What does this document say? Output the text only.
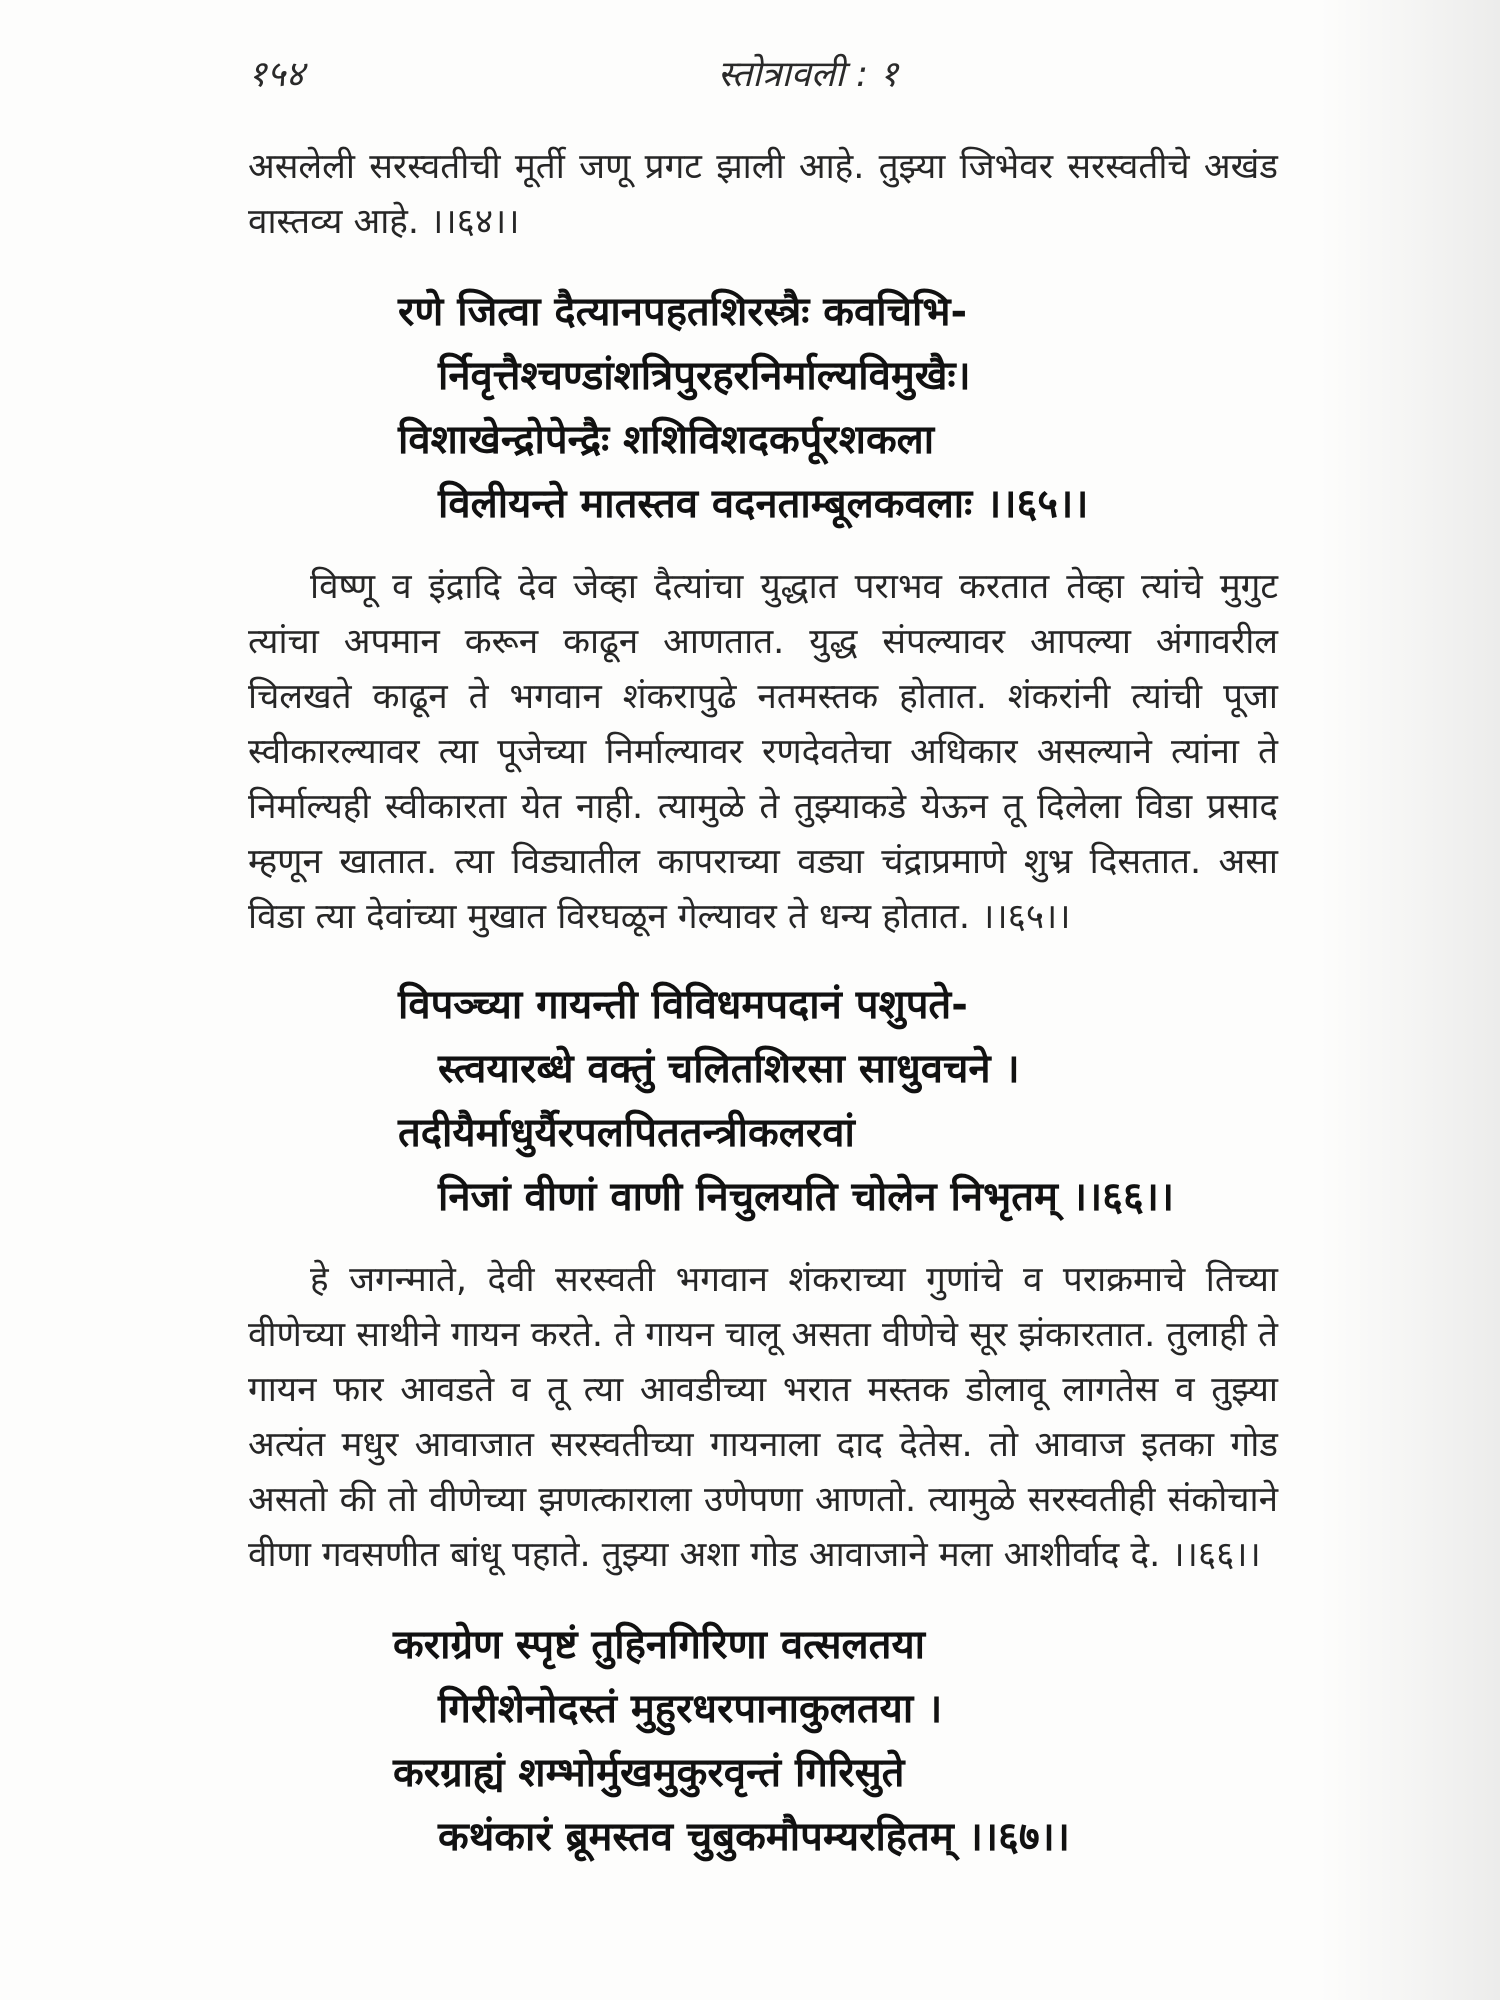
१५४	स्तोत्रावली : १

असलेली सरस्वतीची मूर्ती जणू प्रगट झाली आहे. तुझ्या जिभेवर सरस्वतीचे अखंड वास्तव्य आहे. ।।६४।।

रणे जित्वा दैत्यानपहतशिरस्त्रैः कवचिभि-
र्निवृत्तैश्चण्डांशत्रिपुरहरनिर्माल्यविमुखैः।
विशाखेन्द्रोपेन्द्रैः शशिविशदकर्पूरशकला
विलीयन्ते मातस्तव वदनताम्बूलकवलाः ।।६५।।

विष्णू व इंद्रादि देव जेव्हा दैत्यांचा युद्धात पराभव करतात तेव्हा त्यांचे मुगुट त्यांचा अपमान करून काढून आणतात. युद्ध संपल्यावर आपल्या अंगावरील चिलखते काढून ते भगवान शंकरापुढे नतमस्तक होतात. शंकरांनी त्यांची पूजा स्वीकारल्यावर त्या पूजेच्या निर्माल्यावर रणदेवतेचा अधिकार असल्याने त्यांना ते निर्माल्यही स्वीकारता येत नाही. त्यामुळे ते तुझ्याकडे येऊन तू दिलेला विडा प्रसाद म्हणून खातात. त्या विड्यातील कापराच्या वड्या चंद्राप्रमाणे शुभ्र दिसतात. असा विडा त्या देवांच्या मुखात विरघळून गेल्यावर ते धन्य होतात. ।।६५।।

विपञ्च्या गायन्ती विविधमपदानं पशुपते-
स्त्वयारब्धे वक्तुं चलितशिरसा साधुवचने ।
तदीयैर्माधुर्यैरपलपिततन्त्रीकलरवां
निजां वीणां वाणी निचुलयति चोलेन निभृतम् ।।६६।।

हे जगन्माते, देवी सरस्वती भगवान शंकराच्या गुणांचे व पराक्रमाचे तिच्या वीणेच्या साथीने गायन करते. ते गायन चालू असता वीणेचे सूर झंकारतात. तुलाही ते गायन फार आवडते व तू त्या आवडीच्या भरात मस्तक डोलावू लागतेस व तुझ्या अत्यंत मधुर आवाजात सरस्वतीच्या गायनाला दाद देतेस. तो आवाज इतका गोड असतो की तो वीणेच्या झणत्काराला उणेपणा आणतो. त्यामुळे सरस्वतीही संकोचाने वीणा गवसणीत बांधू पहाते. तुझ्या अशा गोड आवाजाने मला आशीर्वाद दे. ।।६६।।

कराग्रेण स्पृष्टं तुहिनगिरिणा वत्सलतया
गिरीशेनोदस्तं मुहुरधरपानाकुलतया ।
करग्राह्यं शम्भोर्मुखमुकुरवृन्तं गिरिसुते
कथंकारं ब्रूमस्तव चुबुकमौपम्यरहितम् ।।६७।।
